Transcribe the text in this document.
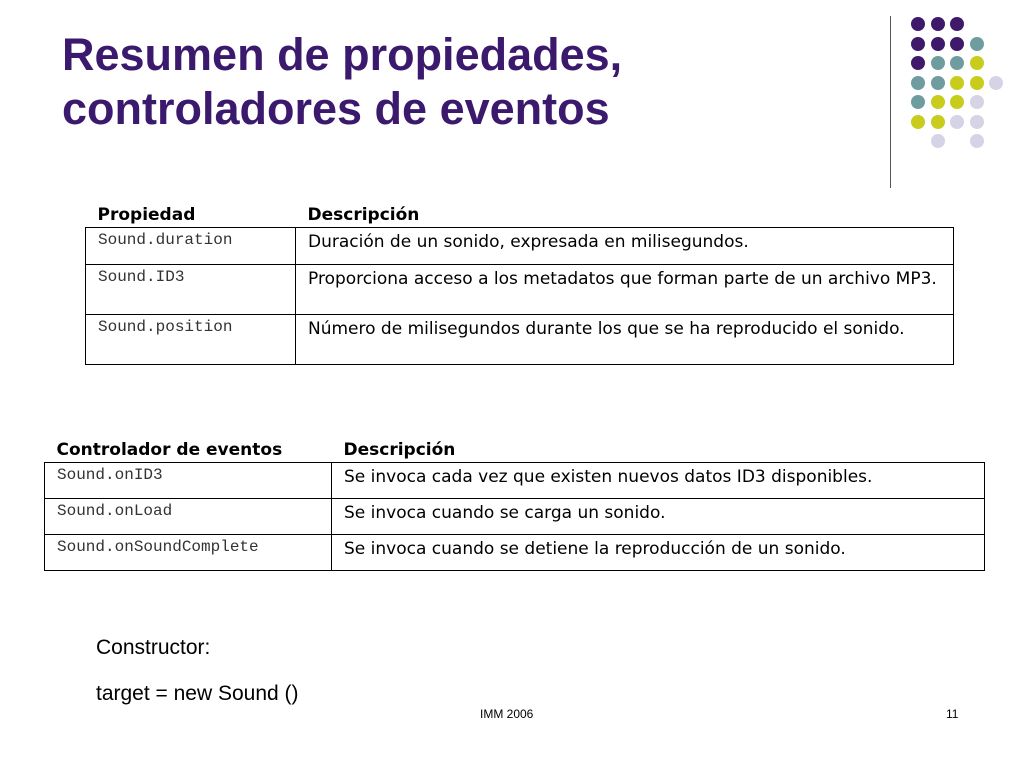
Resumen de propiedades,
controladores de eventos
Propiedad	Descripción
Sound.duration	Duración de un sonido, expresada en milisegundos.
Sound.ID3	Proporciona acceso a los metadatos que forman parte de un archivo MP3.
Sound.position	Número de milisegundos durante los que se ha reproducido el sonido.
Controlador de eventos	Descripción
Sound.onID3	Se invoca cada vez que existen nuevos datos ID3 disponibles.
Sound.onLoad	Se invoca cuando se carga un sonido.
Sound.onSoundComplete	Se invoca cuando se detiene la reproducción de un sonido.
Constructor:
target = new Sound ()
IMM 2006	11
